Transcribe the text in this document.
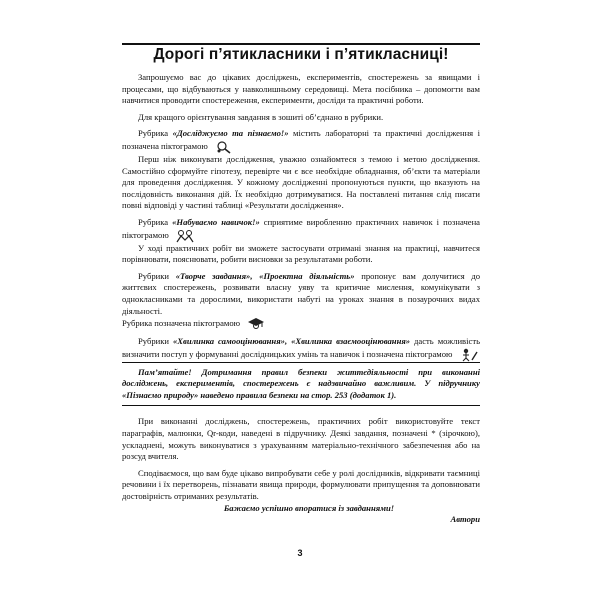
Дорогі п’ятикласники і п’ятикласниці!

Запрошуємо вас до цікавих досліджень, експериментів, спостережень за явищами і процесами, що відбуваються у навколишньому середовищі. Мета посібника – допомогти вам навчитися проводити спостереження, експерименти, досліди та практичні роботи.

Для кращого орієнтування завдання в зошиті об’єднано в рубрики.

Рубрика «Досліджуємо та пізнаємо!» містить лабораторні та практичні дослідження і позначена піктограмою

Перш ніж виконувати дослідження, уважно ознайомтеся з темою і метою дослідження. Самостійно сформуйте гіпотезу, перевірте чи є все необхідне обладнання, об’єкти та матеріали для проведення дослідження. У кожному дослідженні пропонуються пункти, що вказують на послідовність виконання дій. Їх необхідно дотримуватися. На поставлені питання слід писати повні відповіді у частині таблиці «Результати дослідження».

Рубрика «Набуваємо навичок!» сприятиме виробленню практичних навичок і позначена піктограмою

У ході практичних робіт ви зможете застосувати отримані знання на практиці, навчитеся порівнювати, пояснювати, робити висновки за результатами роботи.

Рубрики «Творче завдання», «Проектна діяльність» пропонує вам долучитися до життєвих спостережень, розвивати власну уяву та критичне мислення, комунікувати з однокласниками та дорослими, використати набуті на уроках знання в позаурочних видах діяльності.

Рубрика позначена піктограмою

Рубрики «Хвилинка самооцінювання», «Хвилинка взаємооцінювання» дасть можливість визначити поступ у формуванні дослідницьких умінь та навичок і позначена піктограмою

Пам’ятайте! Дотримання правил безпеки життєдіяльності при виконанні досліджень, експериментів, спостережень є надзвичайно важливим. У підручнику «Пізнаємо природу» наведено правила безпеки на стор. 253 (додаток 1).

При виконанні досліджень, спостережень, практичних робіт використовуйте текст параграфів, малюнки, Qr-коди, наведені в підручнику. Деякі завдання, позначені * (зірочкою), ускладнені, можуть виконуватися з урахуванням матеріально-технічного забезпечення або на розсуд вчителя.

Сподіваємося, що вам буде цікаво випробувати себе у ролі дослідників, відкривати таємниці речовини і їх перетворень, пізнавати явища природи, формулювати припущення та доповнювати достовірність отриманих результатів.

Бажаємо успішно впоратися із завданнями!

Автори

3
